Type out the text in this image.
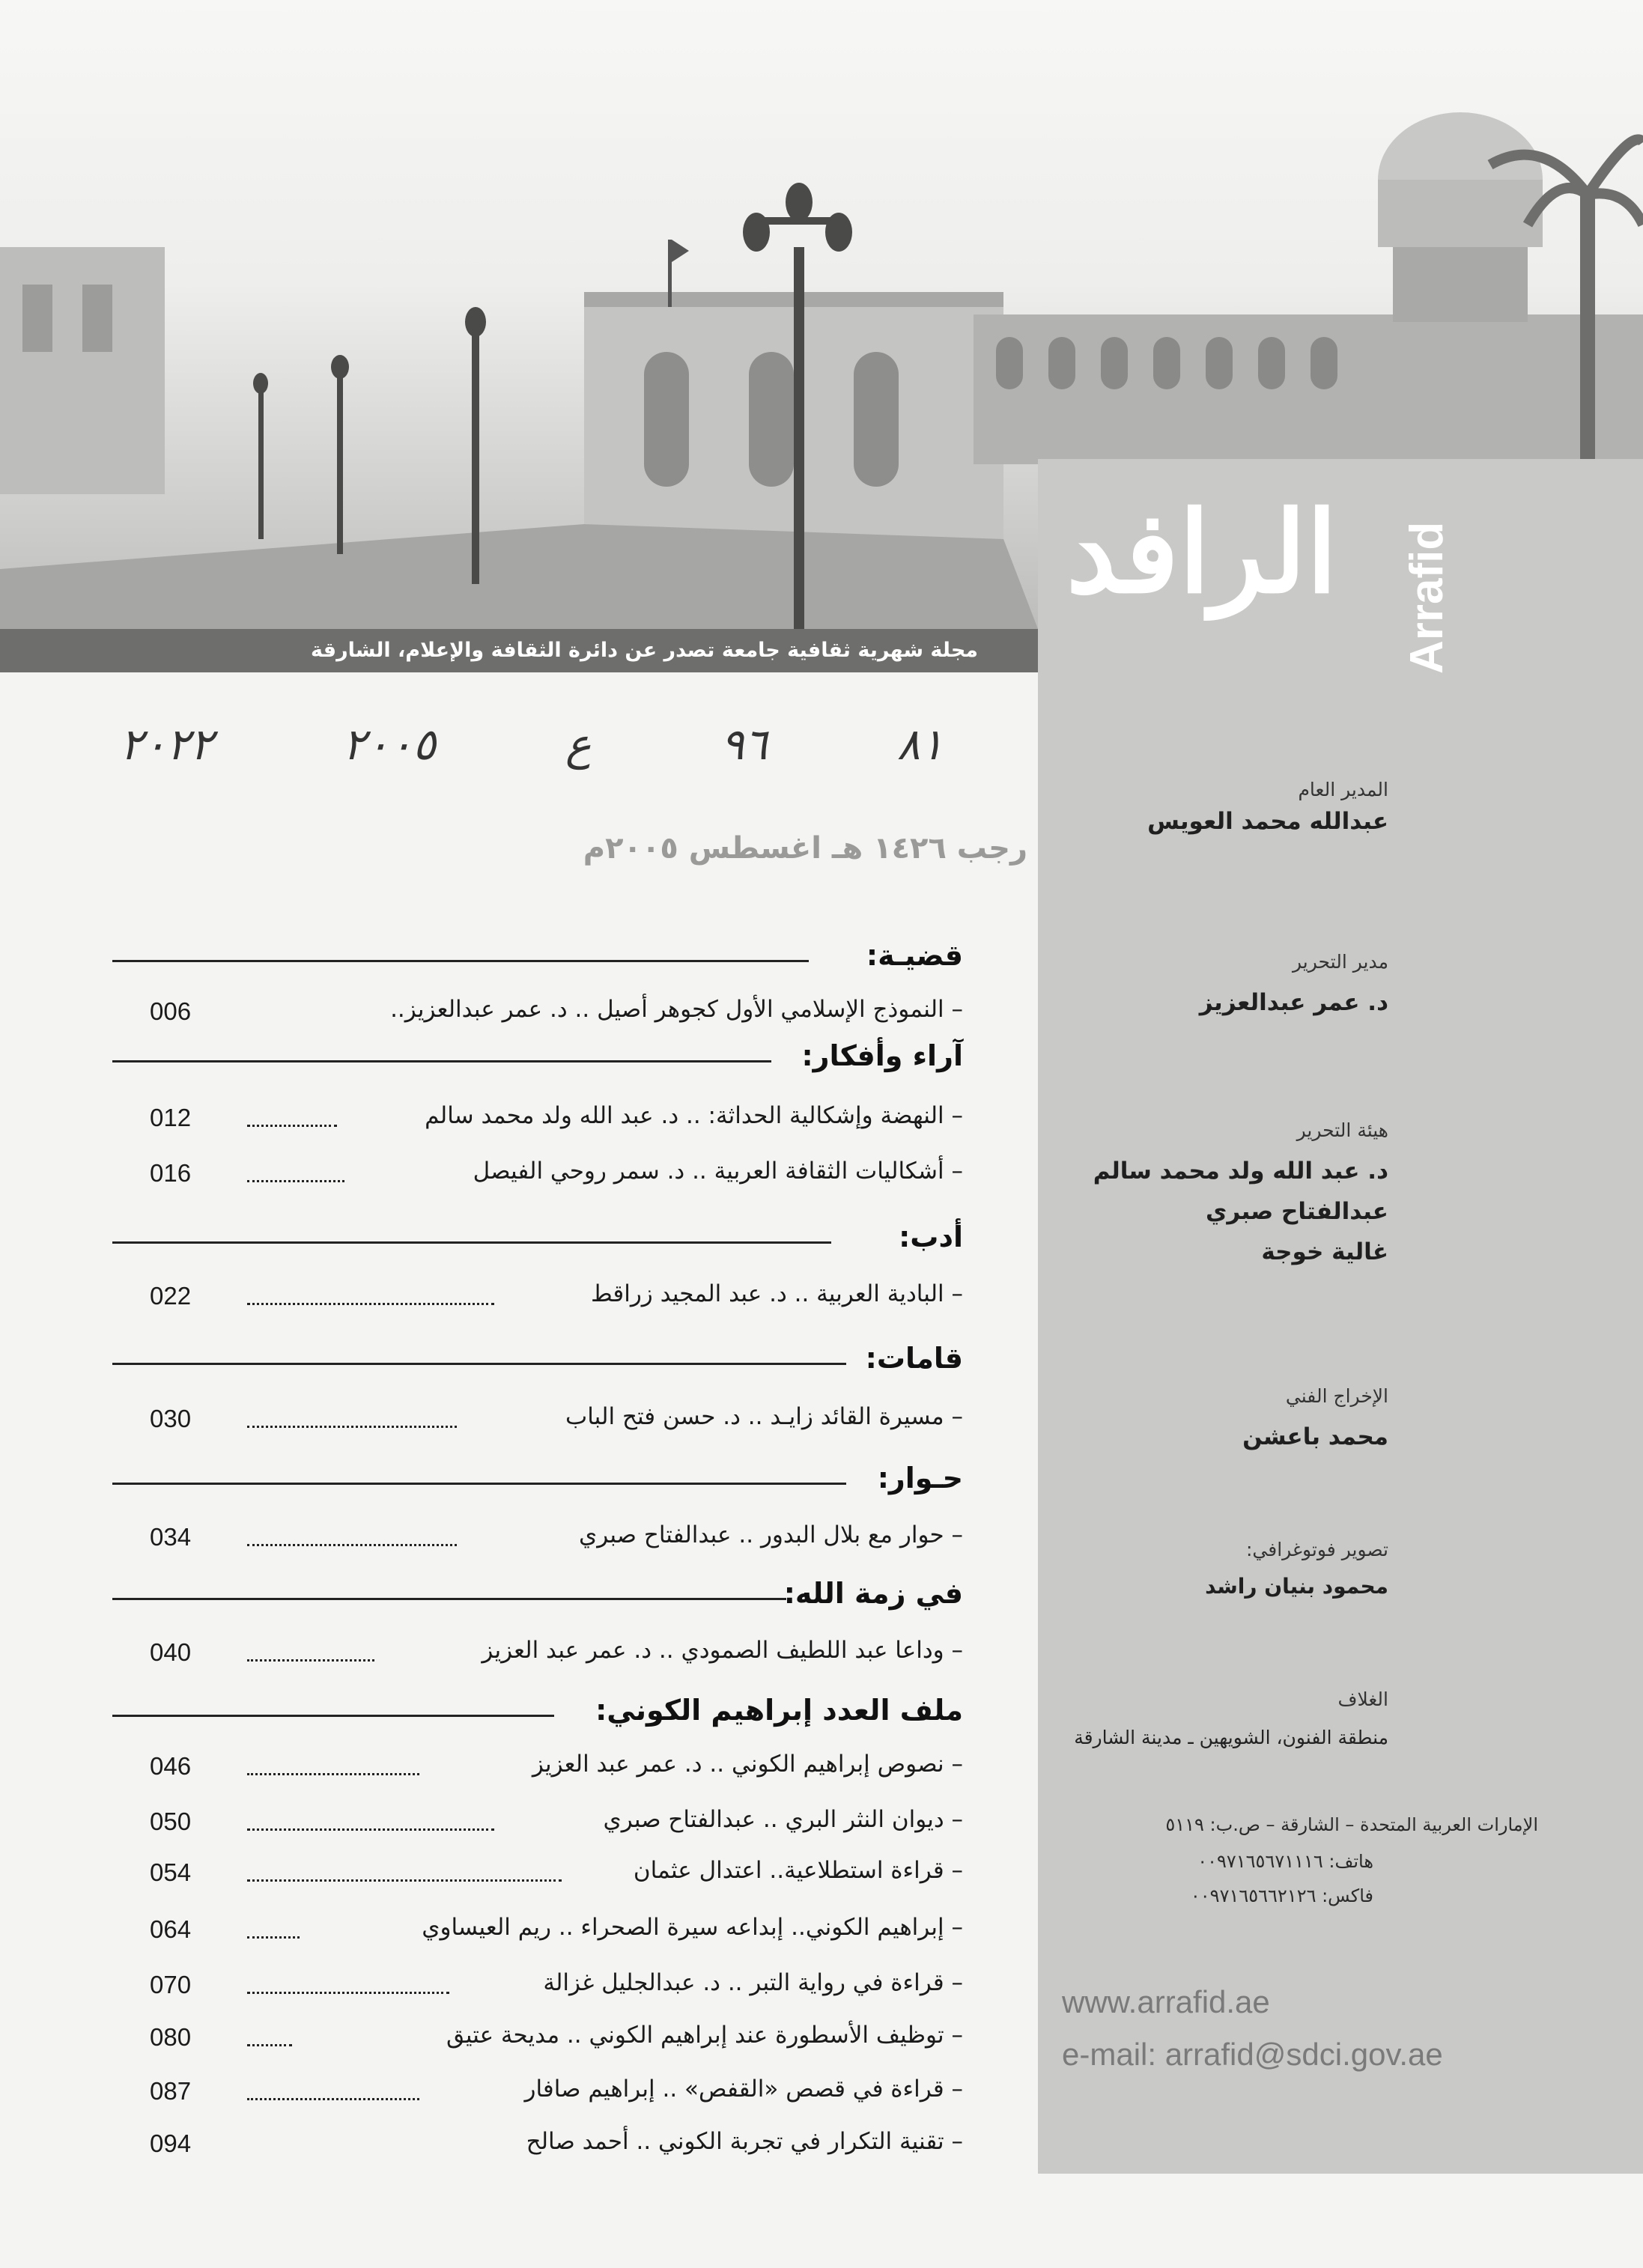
مجلة شهرية ثقافية جامعة تصدر عن دائرة الثقافة والإعلام، الشارقة
الرافد Arrafid
المدير العام
عبدالله محمد العويس
مدير التحرير
د. عمر عبدالعزيز
هيئة التحرير
د. عبد الله ولد محمد سالم
عبدالفتاح صبري
غالية خوجة
الإخراج الفني
محمد باعشن
تصوير فوتوغرافي:
محمود بنيان راشد
الغلاف
منطقة الفنون، الشويهين ـ مدينة الشارقة
الإمارات العربية المتحدة – الشارقة – ص.ب: ٥١١٩
هاتف: ٠٠٩٧١٦٥٦٧١١١٦
فاكس: ٠٠٩٧١٦٥٦٦٢١٢٦
www.arrafid.ae
e-mail: arrafid@sdci.gov.ae
٨١
٩٦
ع
٢٠٠٥
٢٠٢٢
رجب ١٤٢٦ هـ اغسطس ٢٠٠٥م
قضيـة:
– النموذج الإسلامي الأول كجوهر أصيل .. د. عمر عبدالعزيز..
006
آراء وأفكار:
– النهضة وإشكالية الحداثة: .. د. عبد الله ولد محمد سالم
012
– أشكاليات الثقافة العربية .. د. سمر روحي الفيصل
016
أدب:
– البادية العربية .. د. عبد المجيد زراقط
022
قامات:
– مسيرة القائد زايـد .. د. حسن فتح الباب
030
حـوار:
– حوار مع بلال البدور .. عبدالفتاح صبري
034
في زمة الله:
– وداعا عبد اللطيف الصمودي .. د. عمر عبد العزيز
040
ملف العدد إبراهيم الكوني:
– نصوص إبراهيم الكوني .. د. عمر عبد العزيز
046
– ديوان النثر البري .. عبدالفتاح صبري
050
– قراءة استطلاعية.. اعتدال عثمان
054
– إبراهيم الكوني.. إبداعه سيرة الصحراء .. ريم العيساوي
064
– قراءة في رواية التبر .. د. عبدالجليل غزالة
070
– توظيف الأسطورة عند إبراهيم الكوني .. مديحة عتيق
080
– قراءة في قصص «القفص» .. إبراهيم صافار
087
– تقنية التكرار في تجربة الكوني .. أحمد صالح
094
